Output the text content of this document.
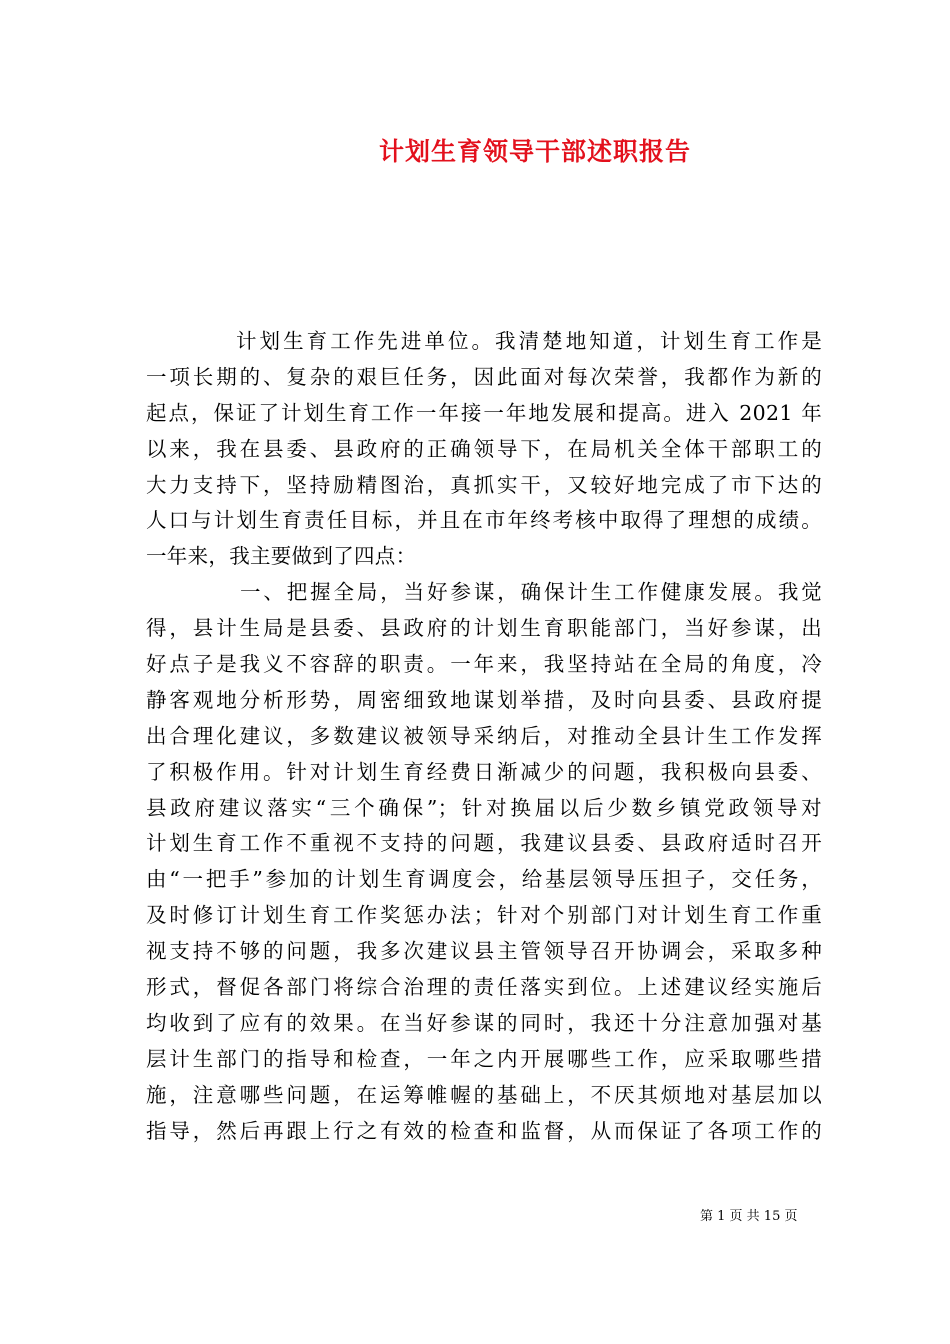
计划生育领导干部述职报告
计划生育工作先进单位。我清楚地知道，计划生育工作是
一项长期的、复杂的艰巨任务，因此面对每次荣誉，我都作为新的
起点，保证了计划生育工作一年接一年地发展和提高。进入 2021 年
以来，我在县委、县政府的正确领导下，在局机关全体干部职工的
大力支持下，坚持励精图治，真抓实干，又较好地完成了市下达的
人口与计划生育责任目标，并且在市年终考核中取得了理想的成绩。
一年来，我主要做到了四点：
一、把握全局，当好参谋，确保计生工作健康发展。我觉
得，县计生局是县委、县政府的计划生育职能部门，当好参谋，出
好点子是我义不容辞的职责。一年来，我坚持站在全局的角度，冷
静客观地分析形势，周密细致地谋划举措，及时向县委、县政府提
出合理化建议，多数建议被领导采纳后，对推动全县计生工作发挥
了积极作用。针对计划生育经费日渐减少的问题，我积极向县委、
县政府建议落实“三个确保”；针对换届以后少数乡镇党政领导对
计划生育工作不重视不支持的问题，我建议县委、县政府适时召开
由“一把手”参加的计划生育调度会，给基层领导压担子，交任务，
及时修订计划生育工作奖惩办法；针对个别部门对计划生育工作重
视支持不够的问题，我多次建议县主管领导召开协调会，采取多种
形式，督促各部门将综合治理的责任落实到位。上述建议经实施后
均收到了应有的效果。在当好参谋的同时，我还十分注意加强对基
层计生部门的指导和检查，一年之内开展哪些工作，应采取哪些措
施，注意哪些问题，在运筹帷幄的基础上，不厌其烦地对基层加以
指导，然后再跟上行之有效的检查和监督，从而保证了各项工作的
第 1 页 共 15 页
